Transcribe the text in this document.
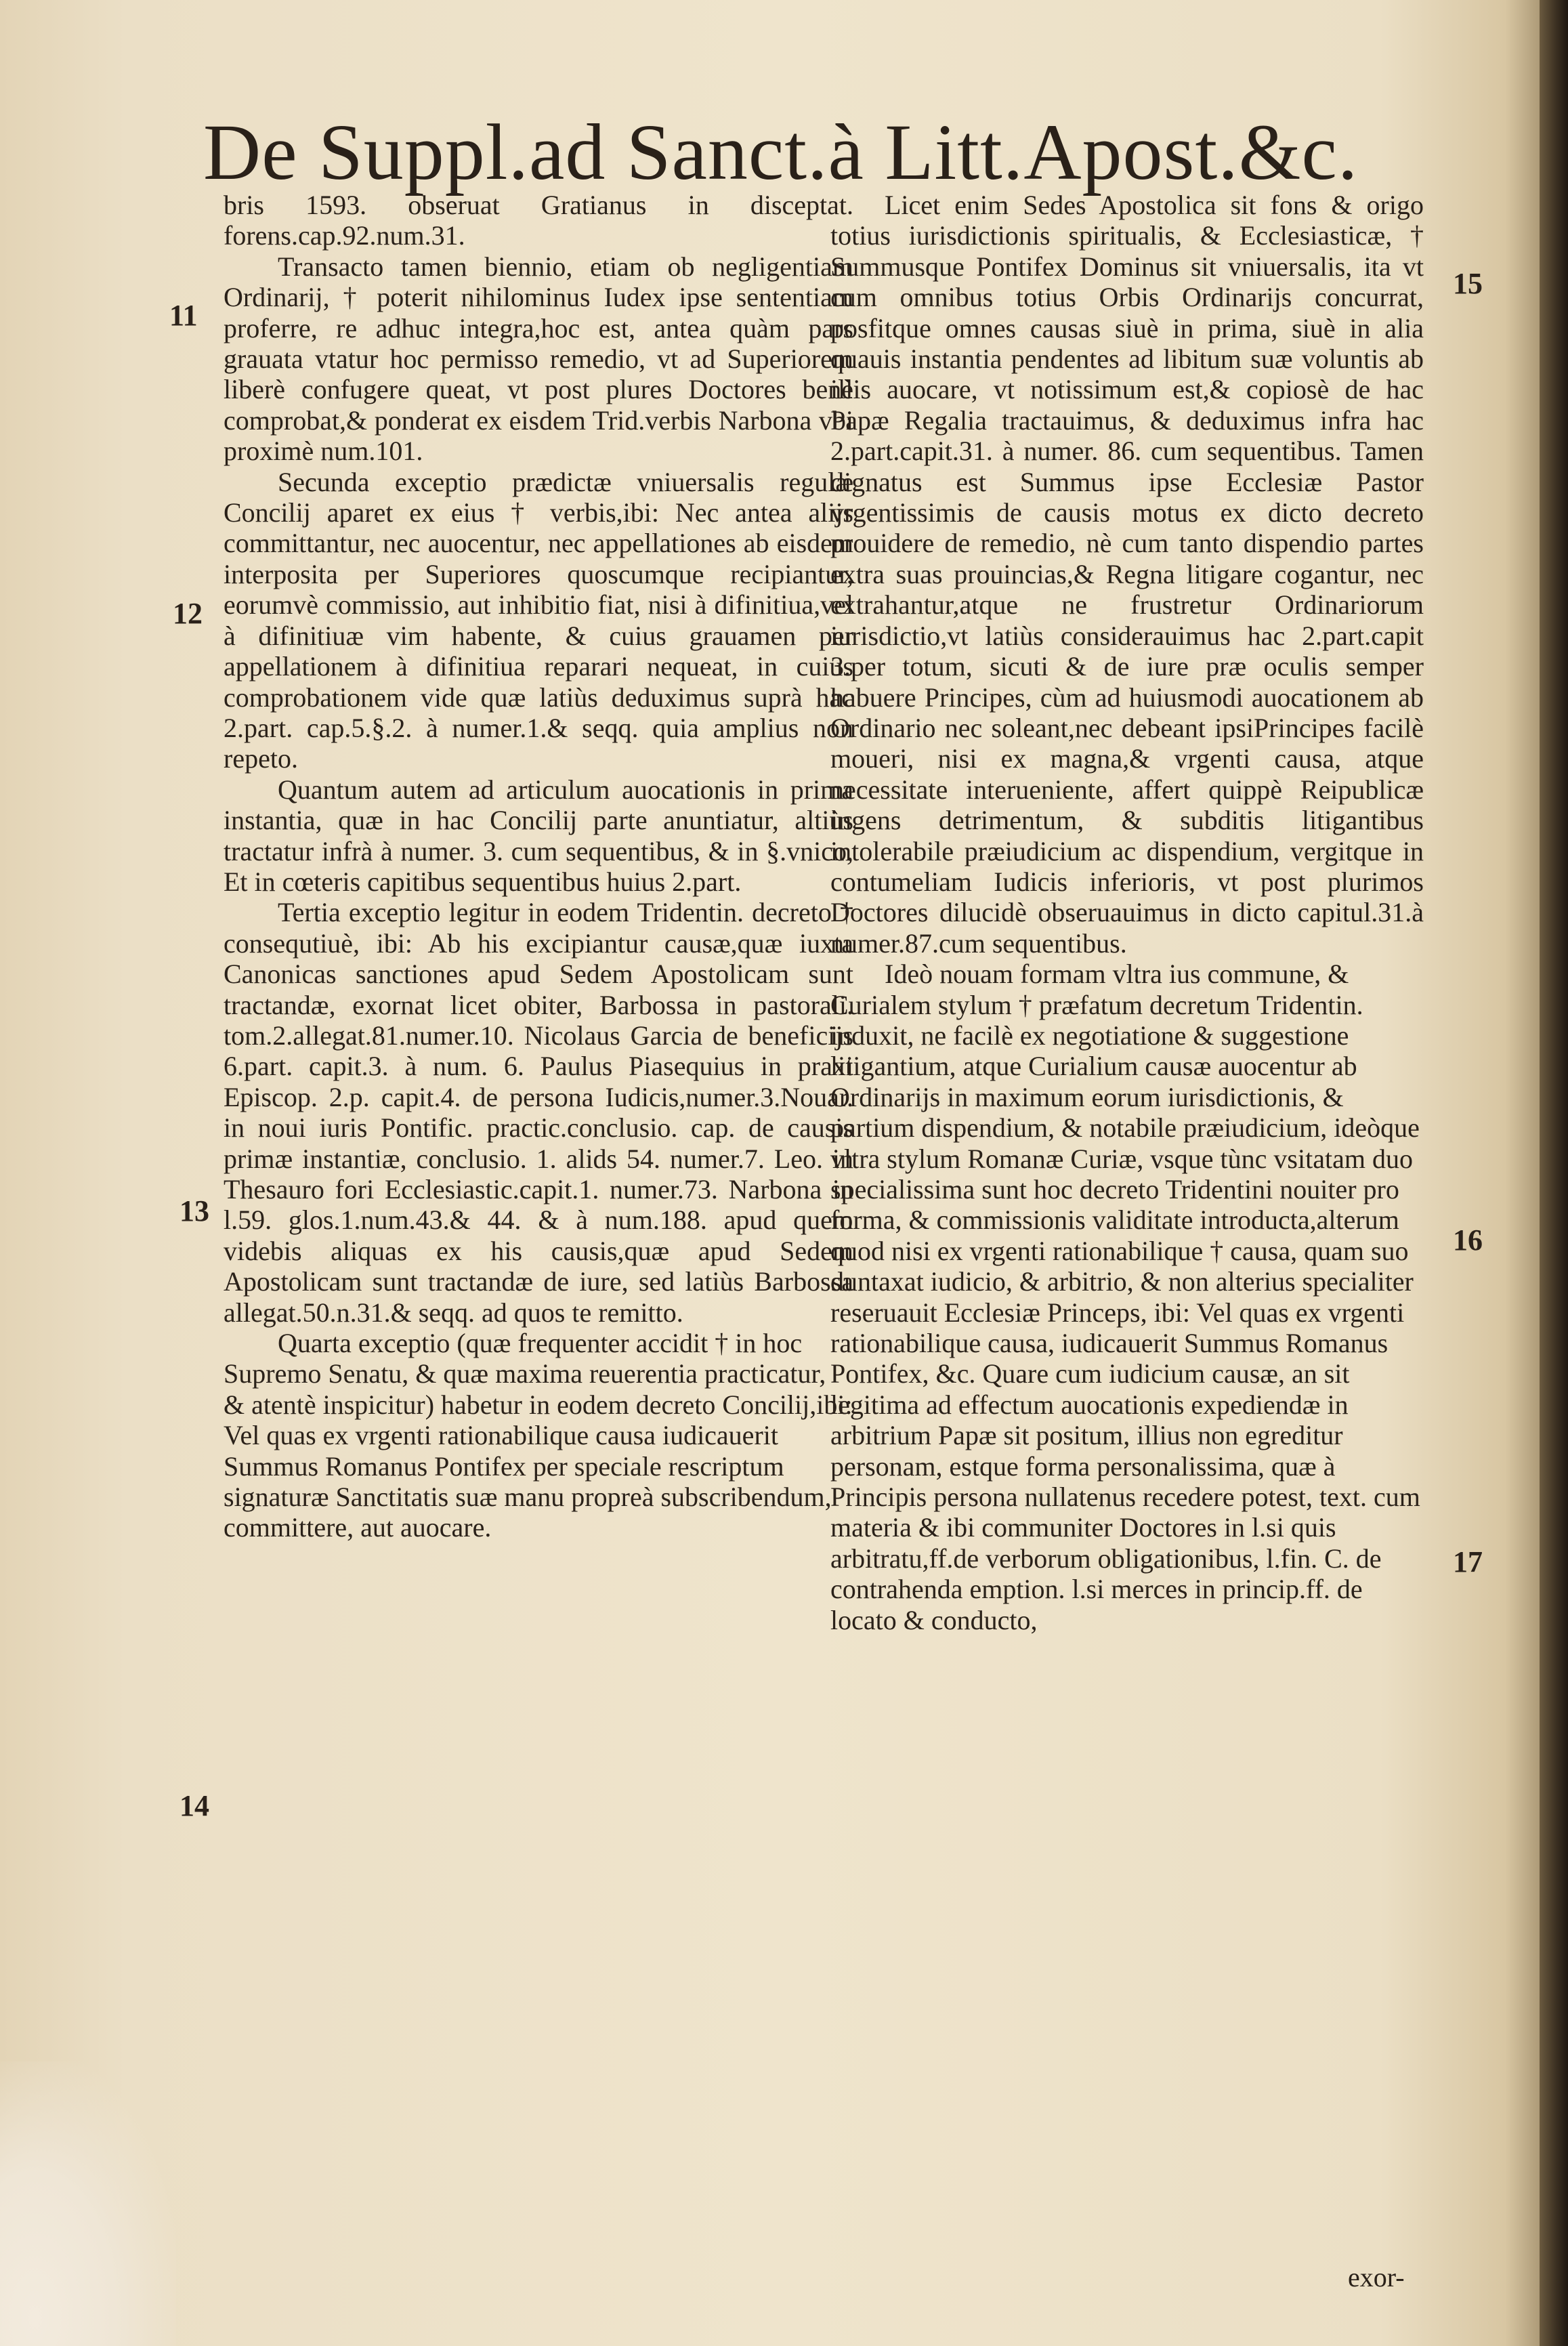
De Suppl.ad Sanct.à Litt.Apost.&c.

bris 1593. obseruat Gratianus in disceptat. forens.cap.92.num.31.

Transacto tamen biennio, etiam ob negligentiam Ordinarij, † poterit nihilominus Iudex ipse sententiam proferre, re adhuc integra,hoc est, antea quàm pars grauata vtatur hoc permisso remedio, vt ad Superiorem liberè confugere queat, vt post plures Doctores benè comprobat,& ponderat ex eisdem Trid.verbis Narbona vbi proximè num.101.

Secunda exceptio prædictæ vniuersalis regulæ Concilij aparet ex eius † verbis,ibi: Nec antea alijs committantur, nec auocentur, nec appellationes ab eisdem interposita per Superiores quoscumque recipiantur, eorumvè commissio, aut inhibitio fiat, nisi à difinitiua,vel à difinitiuæ vim habente, & cuius grauamen per appellationem à difinitiua reparari nequeat, in cuius comprobationem vide quæ latiùs deduximus suprà hac 2.part. cap.5.§.2. à numer.1.& seqq. quia amplius non repeto.

Quantum autem ad articulum auocationis in prima instantia, quæ in hac Concilij parte anuntiatur, altiùs tractatur infrà à numer. 3. cum sequentibus, & in §.vnico, Et in cœteris capitibus sequentibus huius 2.part.

Tertia exceptio legitur in eodem Tridentin. decreto † consequtiuè, ibi: Ab his excipiantur causæ,quæ iuxta Canonicas sanctiones apud Sedem Apostolicam sunt tractandæ, exornat licet obiter, Barbossa in pastorali. tom.2.allegat.81.numer.10. Nicolaus Garcia de beneficijs 6.part. capit.3. à num. 6. Paulus Piasequius in praxi Episcop. 2.p. capit.4. de persona Iudicis,numer.3.Nouar. in noui iuris Pontific. practic.conclusio. cap. de causis primæ instantiæ, conclusio. 1. alids 54. numer.7. Leo. in Thesauro fori Ecclesiastic.capit.1. numer.73. Narbona in l.59. glos.1.num.43.& 44. & à num.188. apud quem videbis aliquas ex his causis,quæ apud Sedem Apostolicam sunt tractandæ de iure, sed latiùs Barbossa allegat.50.n.31.& seqq. ad quos te remitto.

Quarta exceptio (quæ frequenter accidit † in hoc Supremo Senatu, & quæ maxima reuerentia practicatur, & atentè inspicitur) habetur in eodem decreto Concilij,ibi: Vel quas ex vrgenti rationabilique causa iudicauerit Summus Romanus Pontifex per speciale rescriptum signaturæ Sanctitatis suæ manu propreà subscribendum, committere, aut auocare.

Licet enim Sedes Apostolica sit fons & origo totius iurisdictionis spiritualis, & Ecclesiasticæ, † Summusque Pontifex Dominus sit vniuersalis, ita vt cum omnibus totius Orbis Ordinarijs concurrat, posfitque omnes causas siuè in prima, siuè in alia quauis instantia pendentes ad libitum suæ voluntis ab illis auocare, vt notissimum est,& copiosè de hac Papæ Regalia tractauimus, & deduximus infra hac 2.part.capit.31. à numer. 86. cum sequentibus. Tamen dignatus est Summus ipse Ecclesiæ Pastor vrgentissimis de causis motus ex dicto decreto prouidere de remedio, nè cum tanto dispendio partes extra suas prouincias,& Regna litigare cogantur, nec extrahantur,atque ne frustretur Ordinariorum iurisdictio,vt latiùs considerauimus hac 2.part.capit 3.per totum, sicuti & de iure præ oculis semper habuere Principes, cùm ad huiusmodi auocationem ab Ordinario nec soleant,nec debeant ipsiPrincipes facilè moueri, nisi ex magna,& vrgenti causa, atque necessitate interueniente, affert quippè Reipublicæ ingens detrimentum, & subditis litigantibus intolerabile præiudicium ac dispendium, vergitque in contumeliam Iudicis inferioris, vt post plurimos Doctores dilucidè obseruauimus in dicto capitul.31.à numer.87.cum sequentibus.

Ideò nouam formam vltra ius commune, & Curialem stylum † præfatum decretum Tridentin. induxit, ne facilè ex negotiatione & suggestione litigantium, atque Curialium causæ auocentur ab Ordinarijs in maximum eorum iurisdictionis, & partium dispendium, & notabile præiudicium, ideòque vltra stylum Romanæ Curiæ, vsque tùnc vsitatam duo specialissima sunt hoc decreto Tridentini nouiter pro forma, & commissionis validitate introducta,alterum quod nisi ex vrgenti rationabilique † causa, quam suo duntaxat iudicio, & arbitrio, & non alterius specialiter reseruauit Ecclesiæ Princeps, ibi: Vel quas ex vrgenti rationabilique causa, iudicauerit Summus Romanus Pontifex, &c. Quare cum iudicium causæ, an sit legitima ad effectum auocationis expediendæ in arbitrium Papæ sit positum, illius non egreditur personam, estque forma personalissima, quæ à Principis persona nullatenus recedere potest, text. cum materia & ibi communiter Doctores in l.si quis arbitratu,ff.de verborum obligationibus, l.fin. C. de contrahenda emption. l.si merces in princip.ff. de locato & conducto,

11
12
13
14
15
16
17
exor-
